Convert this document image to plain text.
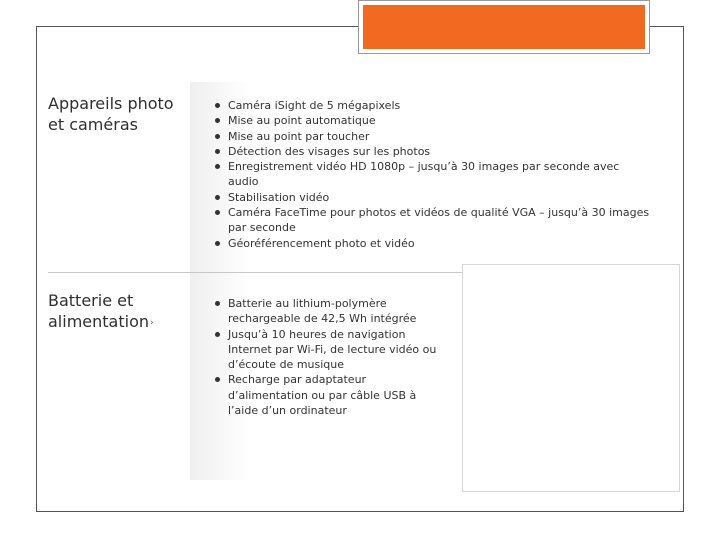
Appareils photo
et caméras
Caméra iSight de 5 mégapixels
Mise au point automatique
Mise au point par toucher
Détection des visages sur les photos
Enregistrement vidéo HD 1080p – jusqu’à 30 images par seconde avec audio
Stabilisation vidéo
Caméra FaceTime pour photos et vidéos de qualité VGA – jusqu’à 30 images par seconde
Géoréférencement photo et vidéo
Batterie et
alimentation ›
Batterie au lithium-polymère rechargeable de 42,5 Wh intégrée
Jusqu’à 10 heures de navigation Internet par Wi-Fi, de lecture vidéo ou d’écoute de musique
Recharge par adaptateur d’alimentation ou par câble USB à l’aide d’un ordinateur
